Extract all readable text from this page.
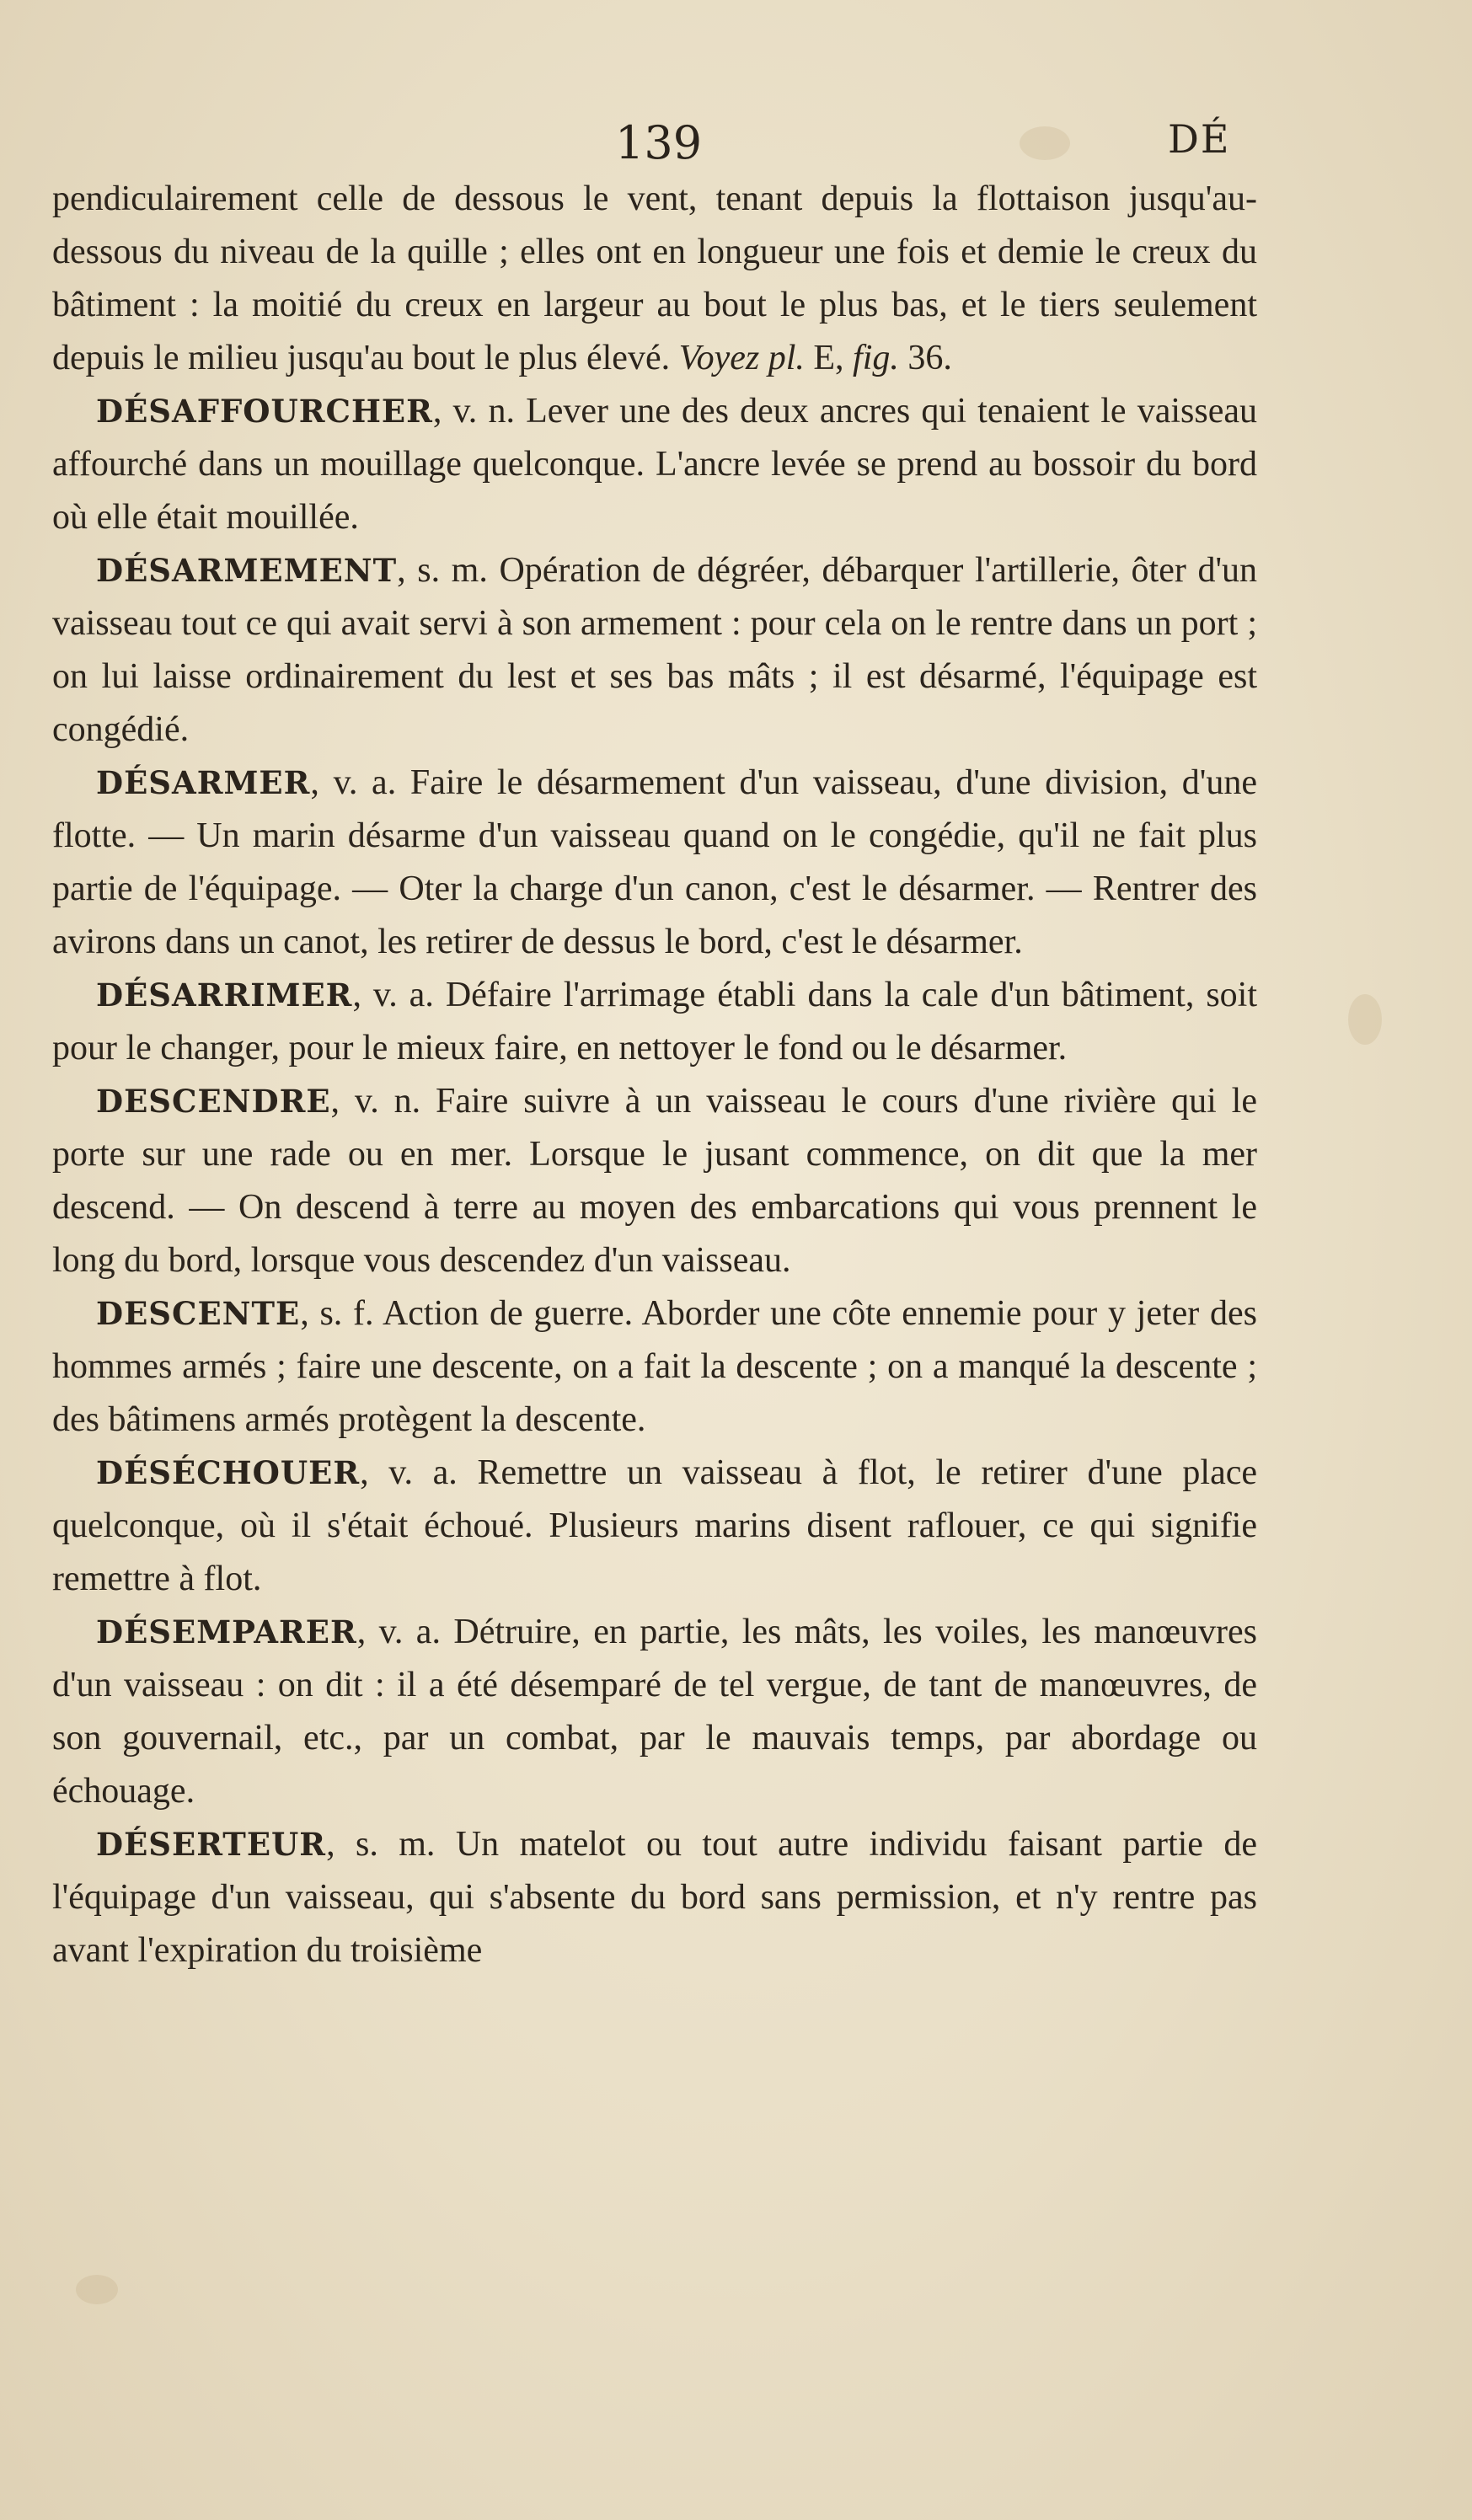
139	DÉ

pendiculairement celle de dessous le vent, tenant depuis la flottaison jusqu'au-dessous du niveau de la quille ; elles ont en longueur une fois et demie le creux du bâtiment : la moitié du creux en largeur au bout le plus bas, et le tiers seulement depuis le milieu jusqu'au bout le plus élevé. Voyez pl. E, fig. 36.

DÉSAFFOURCHER, v. n. Lever une des deux ancres qui tenaient le vaisseau affourché dans un mouillage quelconque. L'ancre levée se prend au bossoir du bord où elle était mouillée.

DÉSARMEMENT, s. m. Opération de dégréer, débarquer l'artillerie, ôter d'un vaisseau tout ce qui avait servi à son armement : pour cela on le rentre dans un port ; on lui laisse ordinairement du lest et ses bas mâts ; il est désarmé, l'équipage est congédié.

DÉSARMER, v. a. Faire le désarmement d'un vaisseau, d'une division, d'une flotte. — Un marin désarme d'un vaisseau quand on le congédie, qu'il ne fait plus partie de l'équipage. — Oter la charge d'un canon, c'est le désarmer. — Rentrer des avirons dans un canot, les retirer de dessus le bord, c'est le désarmer.

DÉSARRIMER, v. a. Défaire l'arrimage établi dans la cale d'un bâtiment, soit pour le changer, pour le mieux faire, en nettoyer le fond ou le désarmer.

DESCENDRE, v. n. Faire suivre à un vaisseau le cours d'une rivière qui le porte sur une rade ou en mer. Lorsque le jusant commence, on dit que la mer descend. — On descend à terre au moyen des embarcations qui vous prennent le long du bord, lorsque vous descendez d'un vaisseau.

DESCENTE, s. f. Action de guerre. Aborder une côte ennemie pour y jeter des hommes armés ; faire une descente, on a fait la descente ; on a manqué la descente ; des bâtimens armés protègent la descente.

DÉSÉCHOUER, v. a. Remettre un vaisseau à flot, le retirer d'une place quelconque, où il s'était échoué. Plusieurs marins disent raflouer, ce qui signifie remettre à flot.

DÉSEMPARER, v. a. Détruire, en partie, les mâts, les voiles, les manœuvres d'un vaisseau : on dit : il a été désemparé de tel vergue, de tant de manœuvres, de son gouvernail, etc., par un combat, par le mauvais temps, par abordage ou échouage.

DÉSERTEUR, s. m. Un matelot ou tout autre individu faisant partie de l'équipage d'un vaisseau, qui s'absente du bord sans permission, et n'y rentre pas avant l'expiration du troisième
